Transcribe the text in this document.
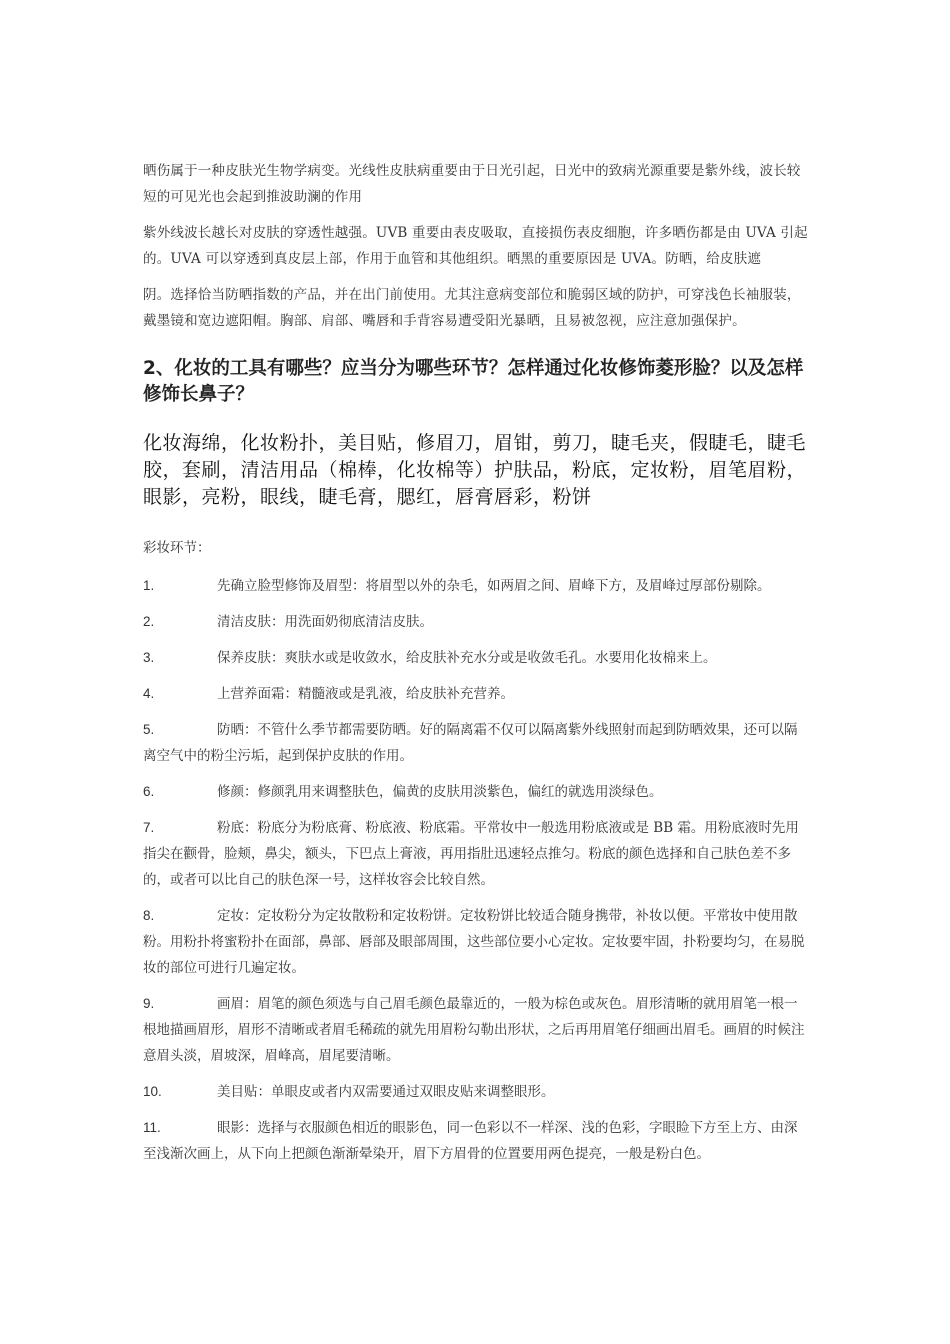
晒伤属于一种皮肤光生物学病变。光线性皮肤病重要由于日光引起，日光中的致病光源重要是紫外线，波长较短的可见光也会起到推波助澜的作用

紫外线波长越长对皮肤的穿透性越强。UVB 重要由表皮吸取，直接损伤表皮细胞，许多晒伤都是由 UVA 引起的。UVA 可以穿透到真皮层上部，作用于血管和其他组织。晒黑的重要原因是 UVA。防晒，给皮肤遮

阴。选择恰当防晒指数的产品，并在出门前使用。尤其注意病变部位和脆弱区域的防护，可穿浅色长袖服装，戴墨镜和宽边遮阳帽。胸部、肩部、嘴唇和手背容易遭受阳光暴晒，且易被忽视，应注意加强保护。

2、化妆的工具有哪些？应当分为哪些环节？怎样通过化妆修饰菱形脸？以及怎样修饰长鼻子？

化妆海绵，化妆粉扑，美目贴，修眉刀，眉钳，剪刀，睫毛夹，假睫毛，睫毛胶，套刷，清洁用品（棉棒，化妆棉等）护肤品，粉底，定妆粉，眉笔眉粉，眼影，亮粉，眼线，睫毛膏，腮红，唇膏唇彩，粉饼

彩妆环节：

1.	先确立脸型修饰及眉型：将眉型以外的杂毛，如两眉之间、眉峰下方，及眉峰过厚部份剔除。
2.	清洁皮肤：用洗面奶彻底清洁皮肤。
3.	保养皮肤：爽肤水或是收敛水，给皮肤补充水分或是收敛毛孔。水要用化妆棉来上。
4.	上营养面霜：精髓液或是乳液，给皮肤补充营养。
5.	防晒：不管什么季节都需要防晒。好的隔离霜不仅可以隔离紫外线照射而起到防晒效果，还可以隔离空气中的粉尘污垢，起到保护皮肤的作用。
6.	修颜：修颜乳用来调整肤色，偏黄的皮肤用淡紫色，偏红的就选用淡绿色。
7.	粉底：粉底分为粉底膏、粉底液、粉底霜。平常妆中一般选用粉底液或是 BB 霜。用粉底液时先用指尖在颧骨，脸颊，鼻尖，额头，下巴点上膏液，再用指肚迅速轻点推匀。粉底的颜色选择和自己肤色差不多的，或者可以比自己的肤色深一号，这样妆容会比较自然。
8.	定妆：定妆粉分为定妆散粉和定妆粉饼。定妆粉饼比较适合随身携带，补妆以便。平常妆中使用散粉。用粉扑将蜜粉扑在面部，鼻部、唇部及眼部周围，这些部位要小心定妆。定妆要牢固，扑粉要均匀，在易脱妆的部位可进行几遍定妆。
9.	画眉：眉笔的颜色须选与自己眉毛颜色最靠近的，一般为棕色或灰色。眉形清晰的就用眉笔一根一根地描画眉形，眉形不清晰或者眉毛稀疏的就先用眉粉勾勒出形状，之后再用眉笔仔细画出眉毛。画眉的时候注意眉头淡，眉坡深，眉峰高，眉尾要清晰。
10.	美目贴：单眼皮或者内双需要通过双眼皮贴来调整眼形。
11.	眼影：选择与衣服颜色相近的眼影色，同一色彩以不一样深、浅的色彩，字眼睑下方至上方、由深至浅渐次画上，从下向上把颜色渐渐晕染开，眉下方眉骨的位置要用两色提亮，一般是粉白色。
